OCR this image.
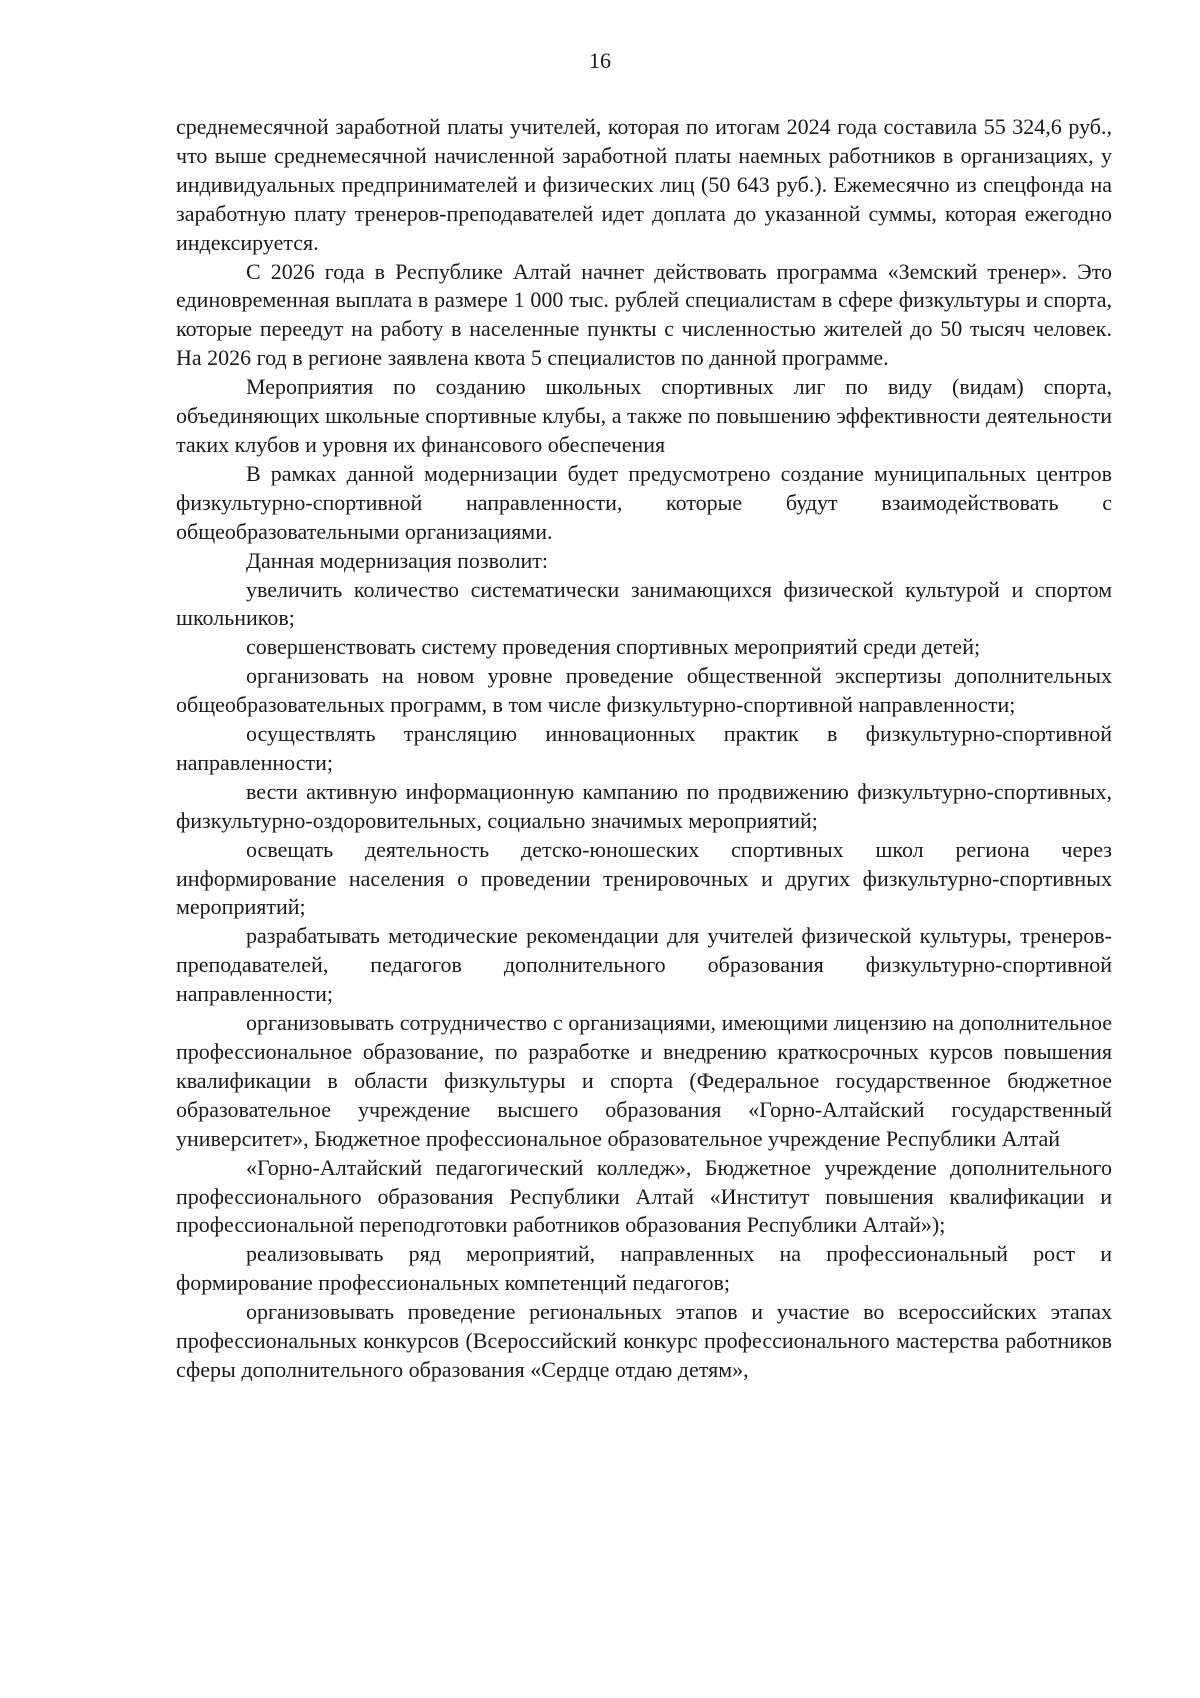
16

среднемесячной заработной платы учителей, которая по итогам 2024 года составила 55 324,6 руб., что выше среднемесячной начисленной заработной платы наемных работников в организациях, у индивидуальных предпринимателей и физических лиц (50 643 руб.). Ежемесячно из спецфонда на заработную плату тренеров-преподавателей идет доплата до указанной суммы, которая ежегодно индексируется.

С 2026 года в Республике Алтай начнет действовать программа «Земский тренер». Это единовременная выплата в размере 1 000 тыс. рублей специалистам в сфере физкультуры и спорта, которые переедут на работу в населенные пункты с численностью жителей до 50 тысяч человек. На 2026 год в регионе заявлена квота 5 специалистов по данной программе.

Мероприятия по созданию школьных спортивных лиг по виду (видам) спорта, объединяющих школьные спортивные клубы, а также по повышению эффективности деятельности таких клубов и уровня их финансового обеспечения

В рамках данной модернизации будет предусмотрено создание муниципальных центров физкультурно-спортивной направленности, которые будут взаимодействовать с общеобразовательными организациями.

Данная модернизация позволит:

увеличить количество систематически занимающихся физической культурой и спортом школьников;

совершенствовать систему проведения спортивных мероприятий среди детей;

организовать на новом уровне проведение общественной экспертизы дополнительных общеобразовательных программ, в том числе физкультурно-спортивной направленности;

осуществлять трансляцию инновационных практик в физкультурно-спортивной направленности;

вести активную информационную кампанию по продвижению физкультурно-спортивных, физкультурно-оздоровительных, социально значимых мероприятий;

освещать деятельность детско-юношеских спортивных школ региона через информирование населения о проведении тренировочных и других физкультурно-спортивных мероприятий;

разрабатывать методические рекомендации для учителей физической культуры, тренеров-преподавателей, педагогов дополнительного образования физкультурно-спортивной направленности;

организовывать сотрудничество с организациями, имеющими лицензию на дополнительное профессиональное образование, по разработке и внедрению краткосрочных курсов повышения квалификации в области физкультуры и спорта (Федеральное государственное бюджетное образовательное учреждение высшего образования «Горно-Алтайский государственный университет», Бюджетное профессиональное образовательное учреждение Республики Алтай

«Горно-Алтайский педагогический колледж», Бюджетное учреждение дополнительного профессионального образования Республики Алтай «Институт повышения квалификации и профессиональной переподготовки работников образования Республики Алтай»);

реализовывать ряд мероприятий, направленных на профессиональный рост и формирование профессиональных компетенций педагогов;

организовывать проведение региональных этапов и участие во всероссийских этапах профессиональных конкурсов (Всероссийский конкурс профессионального мастерства работников сферы дополнительного образования «Сердце отдаю детям»,
